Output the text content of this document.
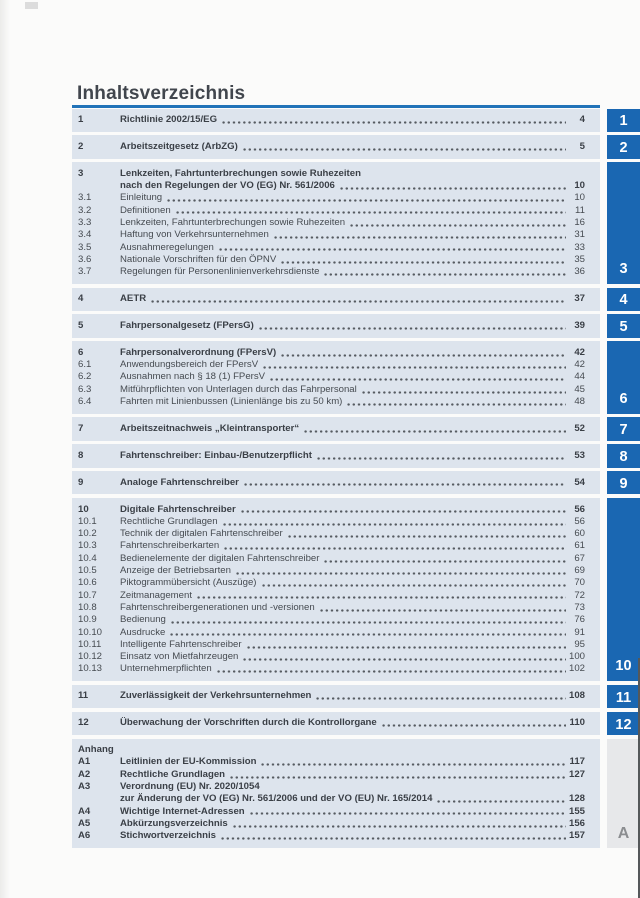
Inhaltsverzeichnis
1	Richtlinie 2002/15/EG	4 1
2	Arbeitszeitgesetz (ArbZG)	5 2
3	Lenkzeiten, Fahrtunterbrechungen sowie Ruhezeiten
nach den Regelungen der VO (EG) Nr. 561/2006	10
3.1	Einleitung	10
3.2	Definitionen	11
3.3	Lenkzeiten, Fahrtunterbrechungen sowie Ruhezeiten	16
3.4	Haftung von Verkehrsunternehmen	31
3.5	Ausnahmeregelungen	33
3.6	Nationale Vorschriften für den ÖPNV	35
3.7	Regelungen für Personenlinienverkehrsdienste	36 3
4	AETR	37 4
5	Fahrpersonalgesetz (FPersG)	39 5
6	Fahrpersonalverordnung (FPersV)	42
6.1	Anwendungsbereich der FPersV	42
6.2	Ausnahmen nach § 18 (1) FPersV	44
6.3	Mitführpflichten von Unterlagen durch das Fahrpersonal	45
6.4	Fahrten mit Linienbussen (Linienlänge bis zu 50 km)	48 6
7	Arbeitszeitnachweis „Kleintransporter“	52 7
8	Fahrtenschreiber: Einbau-/Benutzerpflicht	53 8
9	Analoge Fahrtenschreiber	54 9
10	Digitale Fahrtenschreiber	56
10.1	Rechtliche Grundlagen	56
10.2	Technik der digitalen Fahrtenschreiber	60
10.3	Fahrtenschreiberkarten	61
10.4	Bedienelemente der digitalen Fahrtenschreiber	67
10.5	Anzeige der Betriebsarten	69
10.6	Piktogrammübersicht (Auszüge)	70
10.7	Zeitmanagement	72
10.8	Fahrtenschreibergenerationen und -versionen	73
10.9	Bedienung	76
10.10	Ausdrucke	91
10.11	Intelligente Fahrtenschreiber	95
10.12	Einsatz von Mietfahrzeugen	100
10.13	Unternehmerpflichten	102 10
11	Zuverlässigkeit der Verkehrsunternehmen	108 11
12	Überwachung der Vorschriften durch die Kontrollorgane	110 12
Anhang
A1	Leitlinien der EU-Kommission	117
A2	Rechtliche Grundlagen	127
A3	Verordnung (EU) Nr. 2020/1054
zur Änderung der VO (EG) Nr. 561/2006 und der VO (EU) Nr. 165/2014	128
A4	Wichtige Internet-Adressen	155
A5	Abkürzungsverzeichnis	156
A6	Stichwortverzeichnis	157 A
